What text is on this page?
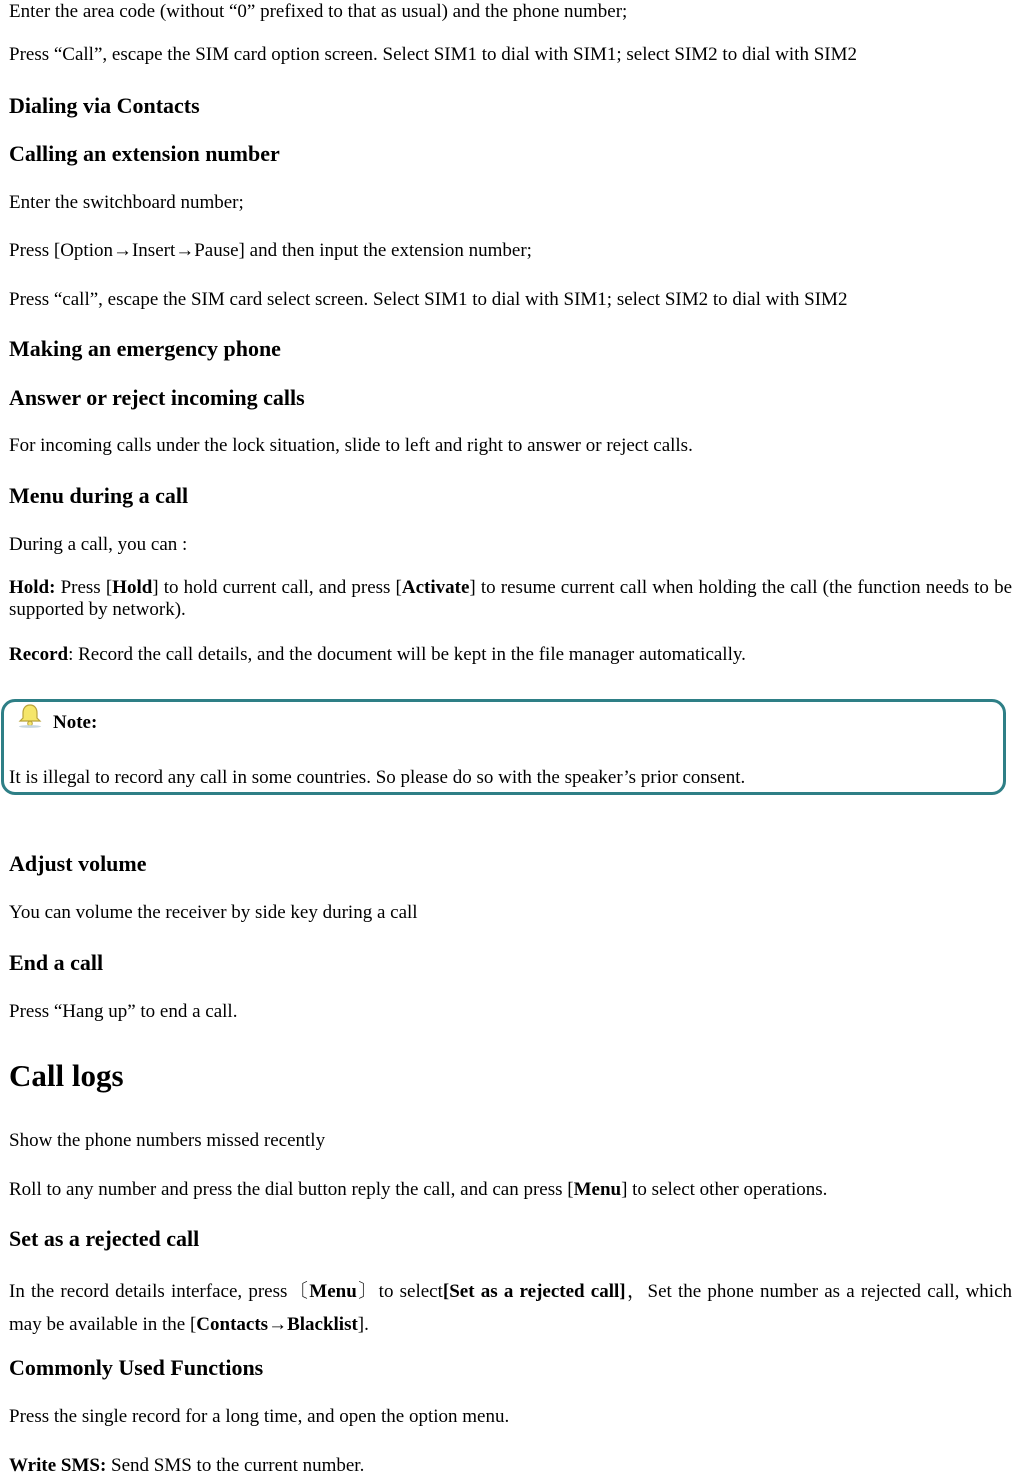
Enter the area code (without “0” prefixed to that as usual) and the phone number;
Press “Call”, escape the SIM card option screen. Select SIM1 to dial with SIM1; select SIM2 to dial with SIM2
Dialing via Contacts
Calling an extension number
Enter the switchboard number;
Press [Option→Insert→Pause] and then input the extension number;
Press “call”, escape the SIM card select screen. Select SIM1 to dial with SIM1; select SIM2 to dial with SIM2
Making an emergency phone
Answer or reject incoming calls
For incoming calls under the lock situation, slide to left and right to answer or reject calls.
Menu during a call
During a call, you can :
Hold: Press [Hold] to hold current call, and press [Activate] to resume current call when holding the call (the function needs to be supported by network).
Record: Record the call details, and the document will be kept in the file manager automatically.
Note:
It is illegal to record any call in some countries. So please do so with the speaker’s prior consent.
Adjust volume
You can volume the receiver by side key during a call
End a call
Press “Hang up” to end a call.
Call logs
Show the phone numbers missed recently
Roll to any number and press the dial button reply the call, and can press [Menu] to select other operations.
Set as a rejected call
In the record details interface, press〔Menu〕to select[Set as a rejected call]，Set the phone number as a rejected call, which may be available in the [Contacts→Blacklist].
Commonly Used Functions
Press the single record for a long time, and open the option menu.
Write SMS: Send SMS to the current number.
